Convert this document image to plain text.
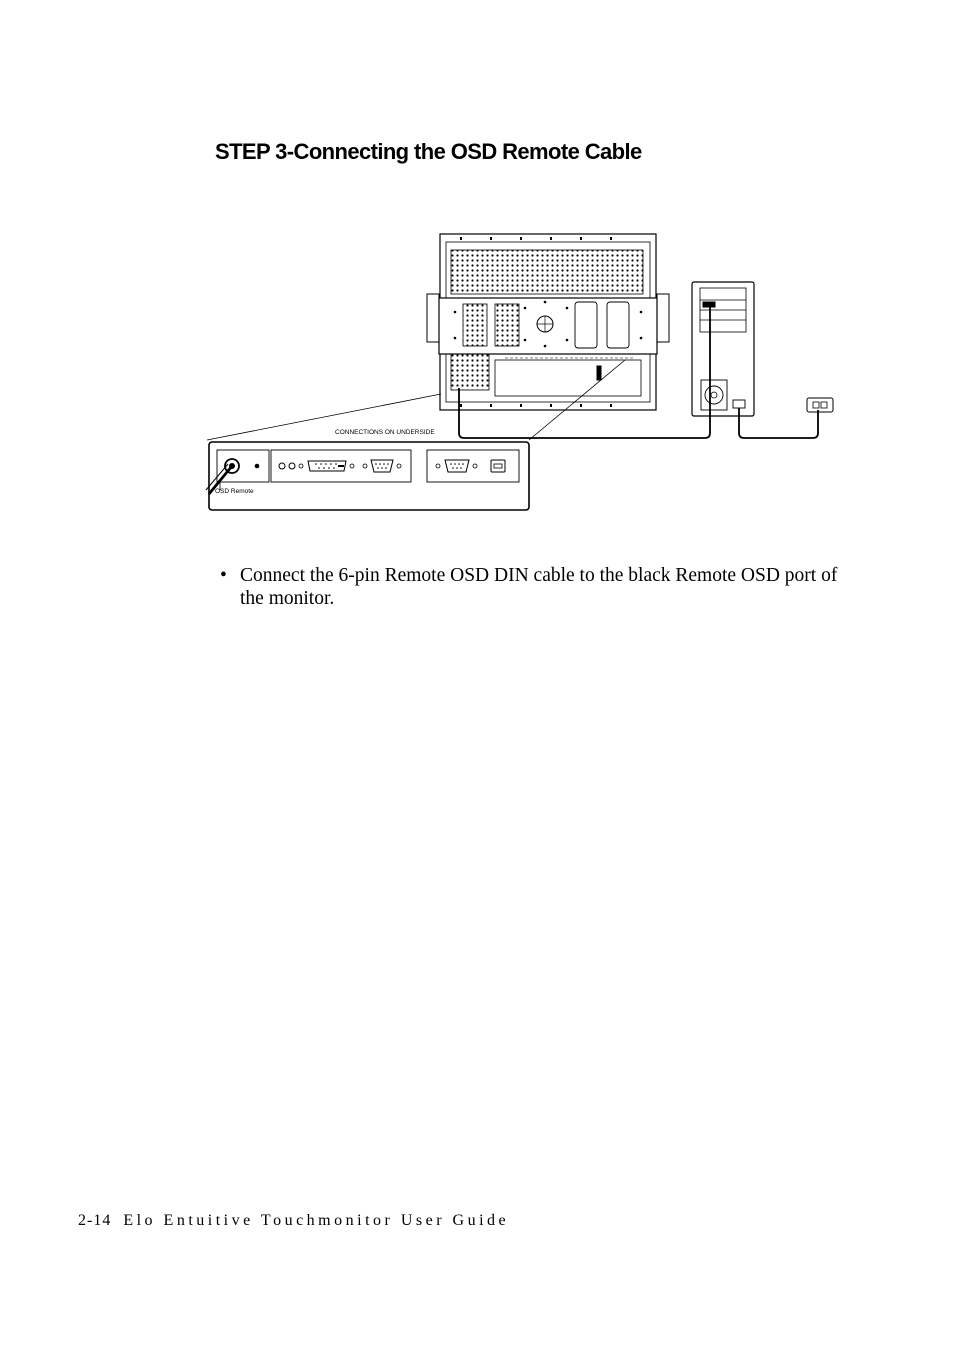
STEP 3-Connecting the OSD Remote Cable
CONNECTIONS ON UNDERSIDE
OSD Remote
• Connect the 6-pin Remote OSD DIN cable to the black Remote OSD port of the monitor.
2-14 Elo Entuitive Touchmonitor User Guide
